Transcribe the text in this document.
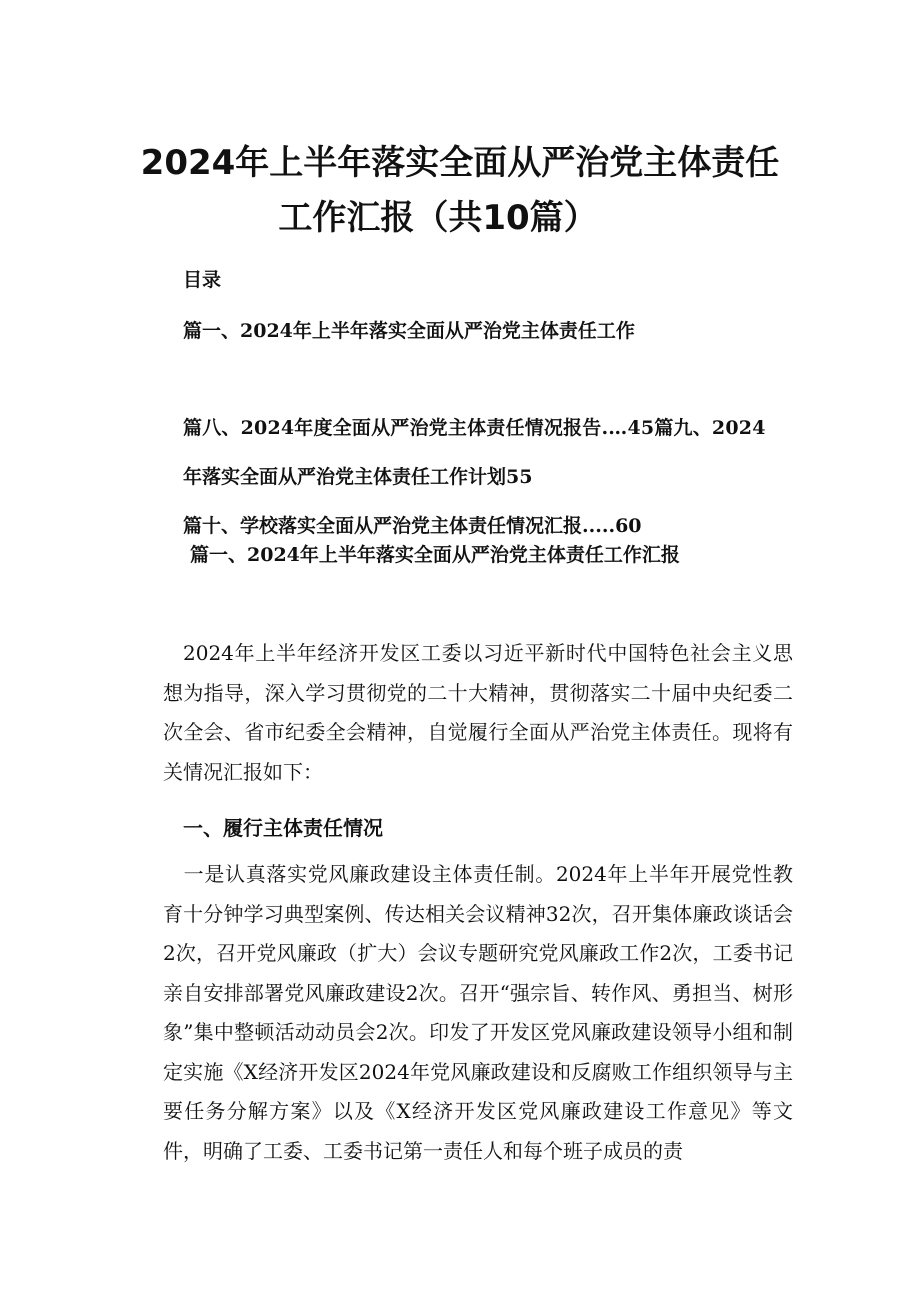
2024年上半年落实全面从严治党主体责任
工作汇报（共10篇）
目录
篇一、2024年上半年落实全面从严治党主体责任工作
篇八、2024年度全面从严治党主体责任情况报告.…45篇九、2024
年落实全面从严治党主体责任工作计划55
篇十、学校落实全面从严治党主体责任情况汇报.....60
篇一、2024年上半年落实全面从严治党主体责任工作汇报

2024年上半年经济开发区工委以习近平新时代中国特色社会主义思想为指导，深入学习贯彻党的二十大精神，贯彻落实二十届中央纪委二次全会、省市纪委全会精神，自觉履行全面从严治党主体责任。现将有关情况汇报如下：

一、履行主体责任情况

一是认真落实党风廉政建设主体责任制。2024年上半年开展党性教育十分钟学习典型案例、传达相关会议精神32次，召开集体廉政谈话会2次，召开党风廉政（扩大）会议专题研究党风廉政工作2次，工委书记亲自安排部署党风廉政建设2次。召开“强宗旨、转作风、勇担当、树形象”集中整顿活动动员会2次。印发了开发区党风廉政建设领导小组和制定实施《X经济开发区2024年党风廉政建设和反腐败工作组织领导与主要任务分解方案》以及《X经济开发区党风廉政建设工作意见》等文件，明确了工委、工委书记第一责任人和每个班子成员的责
